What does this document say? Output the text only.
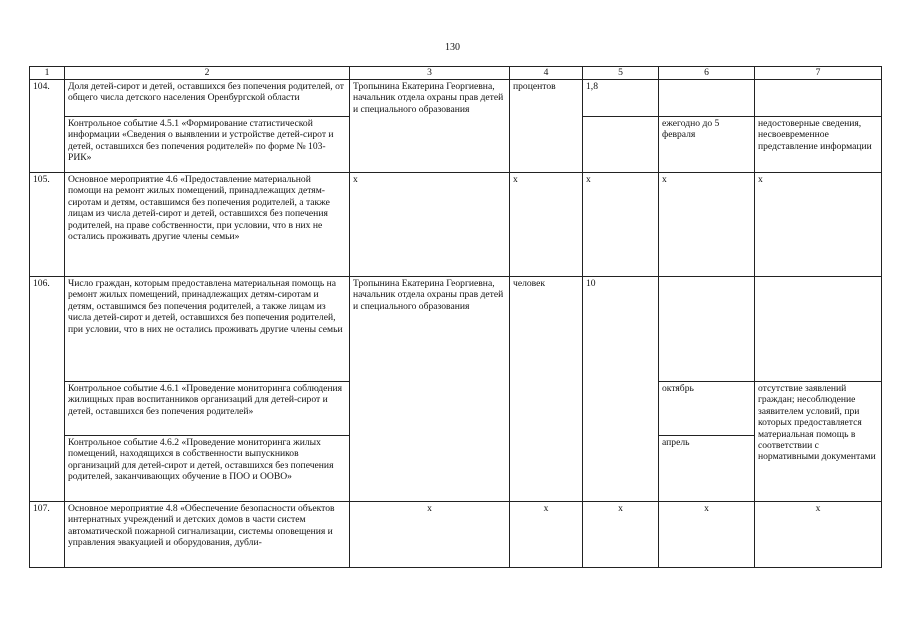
130
1	2	3	4	5	6	7
104.	Доля детей-сирот и детей, оставшихся без попечения родителей, от общего числа детского населения Оренбургской области	Тропынина Екатерина Георгиевна, начальник отдела охраны прав детей и специального образования	процентов	1,8		
	Контрольное событие 4.5.1 «Формирование статистической информации «Сведения о выявлении и устройстве детей-сирот и детей, оставшихся без попечения родителей» по форме № 103-РИК»				ежегодно до 5 февраля	недостоверные сведения, несвоевременное представление информации
105.	Основное мероприятие 4.6 «Предоставление материальной помощи на ремонт жилых помещений, принадлежащих детям-сиротам и детям, оставшимся без попечения родителей, а также лицам из числа детей-сирот и детей, оставшихся без попечения родителей, на праве собственности, при условии, что в них не остались проживать другие члены семьи»	x	x	x	x	x
106.	Число граждан, которым предоставлена материальная помощь на ремонт жилых помещений, принадлежащих детям-сиротам и детям, оставшимся без попечения родителей, а также лицам из числа детей-сирот и детей, оставшихся без попечения родителей, при условии, что в них не остались проживать другие члены семьи	Тропынина Екатерина Георгиевна, начальник отдела охраны прав детей и специального образования	человек	10		
	Контрольное событие 4.6.1 «Проведение мониторинга соблюдения жилищных прав воспитанников организаций для детей-сирот и детей, оставшихся без попечения родителей»				октябрь	отсутствие заявлений граждан; несоблюдение заявителем условий, при которых предоставляется материальная помощь в соответствии с нормативными документами
	Контрольное событие 4.6.2 «Проведение мониторинга жилых помещений, находящихся в собственности выпускников организаций для детей-сирот и детей, оставшихся без попечения родителей, заканчивающих обучение в ПОО и ООВО»				апрель	
107.	Основное мероприятие 4.8 «Обеспечение безопасности объектов интернатных учреждений и детских домов в части систем автоматической пожарной сигнализации, системы оповещения и управления эвакуацией и оборудования, дубли-	x	x	x	x	x
